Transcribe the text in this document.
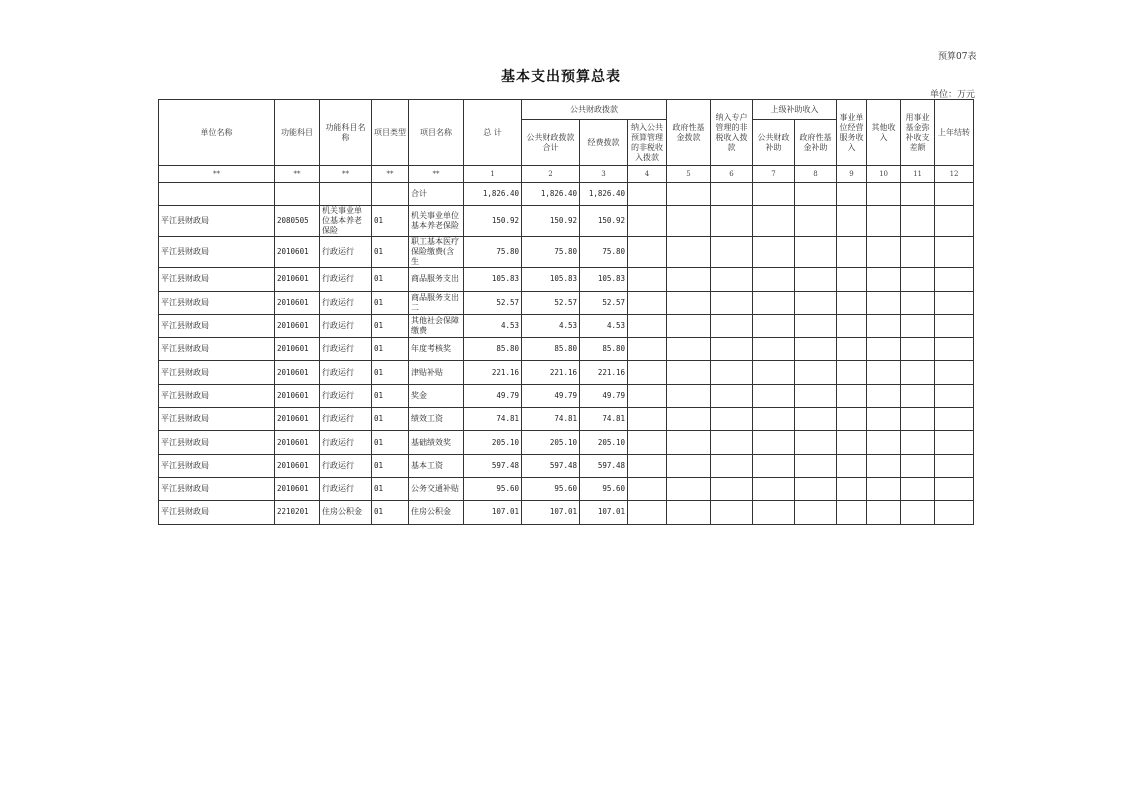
预算07表
基本支出预算总表
单位：万元
单位名称	功能科目	功能科目名称	项目类型	项目名称	总 计	公共财政拨款			政府性基金拨款	纳入专户管理的非税收入拨款	上级补助收入		事业单位经营服务收入	其他收入	用事业基金弥补收支差额	上年结转
						公共财政拨款合计	经费拨款	纳入公共预算管理的非税收入拨款			公共财政补助	政府性基金补助				
**	**	**	**	**	1	2	3	4	5	6	7	8	9	10	11	12
				合计	1,826.40	1,826.40	1,826.40									
平江县财政局	2080505	机关事业单位基本养老保险	01	机关事业单位基本养老保险	150.92	150.92	150.92									
平江县财政局	2010601	行政运行	01	职工基本医疗保险缴费(含生	75.80	75.80	75.80									
平江县财政局	2010601	行政运行	01	商品服务支出	105.83	105.83	105.83									
平江县财政局	2010601	行政运行	01	商品服务支出二	52.57	52.57	52.57									
平江县财政局	2010601	行政运行	01	其他社会保障缴费	4.53	4.53	4.53									
平江县财政局	2010601	行政运行	01	年度考核奖	85.80	85.80	85.80									
平江县财政局	2010601	行政运行	01	津贴补贴	221.16	221.16	221.16									
平江县财政局	2010601	行政运行	01	奖金	49.79	49.79	49.79									
平江县财政局	2010601	行政运行	01	绩效工资	74.81	74.81	74.81									
平江县财政局	2010601	行政运行	01	基础绩效奖	205.10	205.10	205.10									
平江县财政局	2010601	行政运行	01	基本工资	597.48	597.48	597.48									
平江县财政局	2010601	行政运行	01	公务交通补贴	95.60	95.60	95.60									
平江县财政局	2210201	住房公积金	01	住房公积金	107.01	107.01	107.01									
